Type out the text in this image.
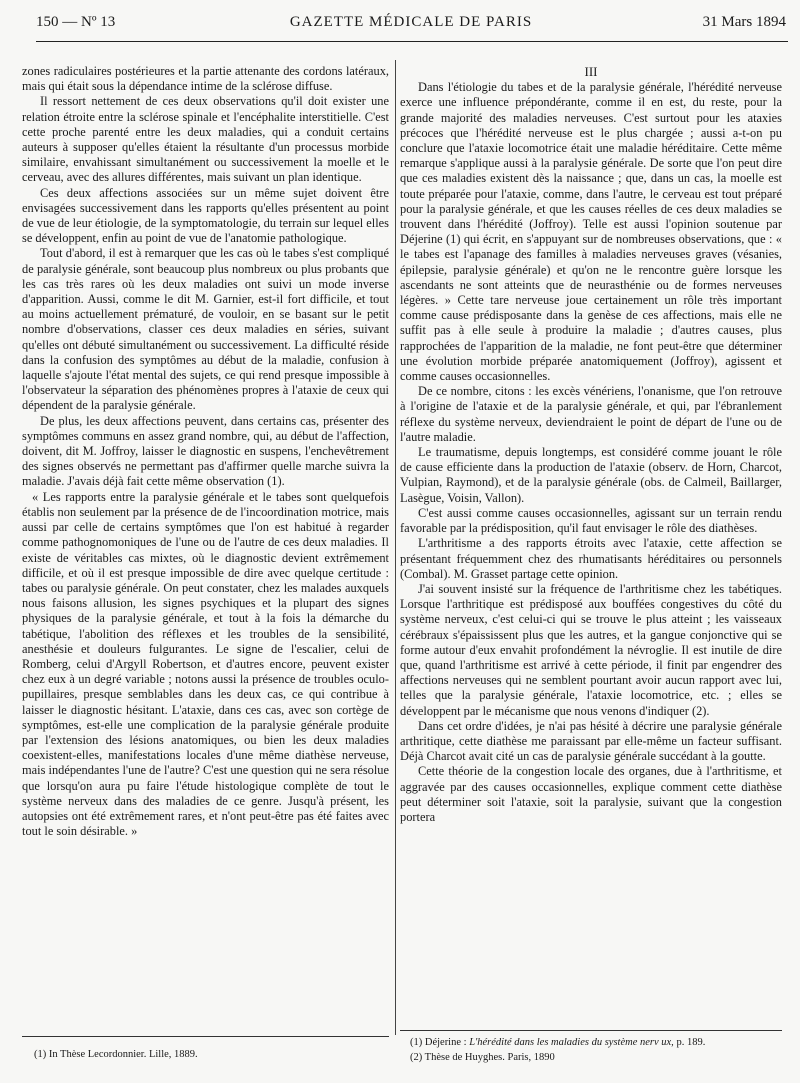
150 — Nº 13	GAZETTE MÉDICALE DE PARIS	31 Mars 1894

zones radiculaires postérieures et la partie attenante des cordons latéraux, mais qui était sous la dépendance intime de la sclérose diffuse.

Il ressort nettement de ces deux observations qu'il doit exister une relation étroite entre la sclérose spinale et l'encéphalite interstitielle. C'est cette proche parenté entre les deux maladies, qui a conduit certains auteurs à supposer qu'elles étaient la résultante d'un processus morbide similaire, envahissant simultanément ou successivement la moelle et le cerveau, avec des allures différentes, mais suivant un plan identique.

Ces deux affections associées sur un même sujet doivent être envisagées successivement dans les rapports qu'elles présentent au point de vue de leur étiologie, de la symptomatologie, du terrain sur lequel elles se développent, enfin au point de vue de l'anatomie pathologique.

Tout d'abord, il est à remarquer que les cas où le tabes s'est compliqué de paralysie générale, sont beaucoup plus nombreux ou plus probants que les cas très rares où les deux maladies ont suivi un mode inverse d'apparition. Aussi, comme le dit M. Garnier, est-il fort difficile, et tout au moins actuellement prématuré, de vouloir, en se basant sur le petit nombre d'observations, classer ces deux maladies en séries, suivant qu'elles ont débuté simultanément ou successivement. La difficulté réside dans la confusion des symptômes au début de la maladie, confusion à laquelle s'ajoute l'état mental des sujets, ce qui rend presque impossible à l'observateur la séparation des phénomènes propres à l'ataxie de ceux qui dépendent de la paralysie générale.

De plus, les deux affections peuvent, dans certains cas, présenter des symptômes communs en assez grand nombre, qui, au début de l'affection, doivent, dit M. Joffroy, laisser le diagnostic en suspens, l'enchevêtrement des signes observés ne permettant pas d'affirmer quelle marche suivra la maladie. J'avais déjà fait cette même observation (1).

« Les rapports entre la paralysie générale et le tabes sont quelquefois établis non seulement par la présence de de l'incoordination motrice, mais aussi par celle de certains symptômes que l'on est habitué à regarder comme pathognomoniques de l'une ou de l'autre de ces deux maladies. Il existe de véritables cas mixtes, où le diagnostic devient extrêmement difficile, et où il est presque impossible de dire avec quelque certitude : tabes ou paralysie générale. On peut constater, chez les malades auxquels nous faisons allusion, les signes psychiques et la plupart des signes physiques de la paralysie générale, et tout à la fois la démarche du tabétique, l'abolition des réflexes et les troubles de la sensibilité, anesthésie et douleurs fulgurantes. Le signe de l'escalier, celui de Romberg, celui d'Argyll Robertson, et d'autres encore, peuvent exister chez eux à un degré variable ; notons aussi la présence de troubles oculo-pupillaires, presque semblables dans les deux cas, ce qui contribue à laisser le diagnostic hésitant. L'ataxie, dans ces cas, avec son cortège de symptômes, est-elle une complication de la paralysie générale produite par l'extension des lésions anatomiques, ou bien les deux maladies coexistent-elles, manifestations locales d'une même diathèse nerveuse, mais indépendantes l'une de l'autre? C'est une question qui ne sera résolue que lorsqu'on aura pu faire l'étude histologique complète de tout le système nerveux dans des maladies de ce genre. Jusqu'à présent, les autopsies ont été extrêmement rares, et n'ont peut-être pas été faites avec tout le soin désirable. »

III

Dans l'étiologie du tabes et de la paralysie générale, l'hérédité nerveuse exerce une influence prépondérante, comme il en est, du reste, pour la grande majorité des maladies nerveuses. C'est surtout pour les ataxies précoces que l'hérédité nerveuse est le plus chargée ; aussi a-t-on pu conclure que l'ataxie locomotrice était une maladie héréditaire. Cette même remarque s'applique aussi à la paralysie générale. De sorte que l'on peut dire que ces maladies existent dès la naissance ; que, dans un cas, la moelle est toute préparée pour l'ataxie, comme, dans l'autre, le cerveau est tout préparé pour la paralysie générale, et que les causes réelles de ces deux maladies se trouvent dans l'hérédité (Joffroy). Telle est aussi l'opinion soutenue par Déjerine (1) qui écrit, en s'appuyant sur de nombreuses observations, que : « le tabes est l'apanage des familles à maladies nerveuses graves (vésanies, épilepsie, paralysie générale) et qu'on ne le rencontre guère lorsque les ascendants ne sont atteints que de neurasthénie ou de formes nerveuses légères. » Cette tare nerveuse joue certainement un rôle très important comme cause prédisposante dans la genèse de ces affections, mais elle ne suffit pas à elle seule à produire la maladie ; d'autres causes, plus rapprochées de l'apparition de la maladie, ne font peut-être que déterminer une évolution morbide préparée anatomiquement (Joffroy), agissent et comme causes occasionnelles.

De ce nombre, citons : les excès vénériens, l'onanisme, que l'on retrouve à l'origine de l'ataxie et de la paralysie générale, et qui, par l'ébranlement réflexe du système nerveux, deviendraient le point de départ de l'une ou de l'autre maladie.

Le traumatisme, depuis longtemps, est considéré comme jouant le rôle de cause efficiente dans la production de l'ataxie (observ. de Horn, Charcot, Vulpian, Raymond), et de la paralysie générale (obs. de Calmeil, Baillarger, Lasègue, Voisin, Vallon).

C'est aussi comme causes occasionnelles, agissant sur un terrain rendu favorable par la prédisposition, qu'il faut envisager le rôle des diathèses.

L'arthritisme a des rapports étroits avec l'ataxie, cette affection se présentant fréquemment chez des rhumatisants héréditaires ou personnels (Combal). M. Grasset partage cette opinion.

J'ai souvent insisté sur la fréquence de l'arthritisme chez les tabétiques. Lorsque l'arthritique est prédisposé aux bouffées congestives du côté du système nerveux, c'est celui-ci qui se trouve le plus atteint ; les vaisseaux cérébraux s'épaississent plus que les autres, et la gangue conjonctive qui se forme autour d'eux envahit profondément la névroglie. Il est inutile de dire que, quand l'arthritisme est arrivé à cette période, il finit par engendrer des affections nerveuses qui ne semblent pourtant avoir aucun rapport avec lui, telles que la paralysie générale, l'ataxie locomotrice, etc. ; elles se développent par le mécanisme que nous venons d'indiquer (2).

Dans cet ordre d'idées, je n'ai pas hésité à décrire une paralysie générale arthritique, cette diathèse me paraissant par elle-même un facteur suffisant. Déjà Charcot avait cité un cas de paralysie générale succédant à la goutte.

Cette théorie de la congestion locale des organes, due à l'arthritisme, et aggravée par des causes occasionnelles, explique comment cette diathèse peut déterminer soit l'ataxie, soit la paralysie, suivant que la congestion portera

(1) In Thèse Lecordonnier. Lille, 1889.
(1) Déjerine : L'hérédité dans les maladies du système nerv ux, p. 189.
(2) Thèse de Huyghes. Paris, 1890
